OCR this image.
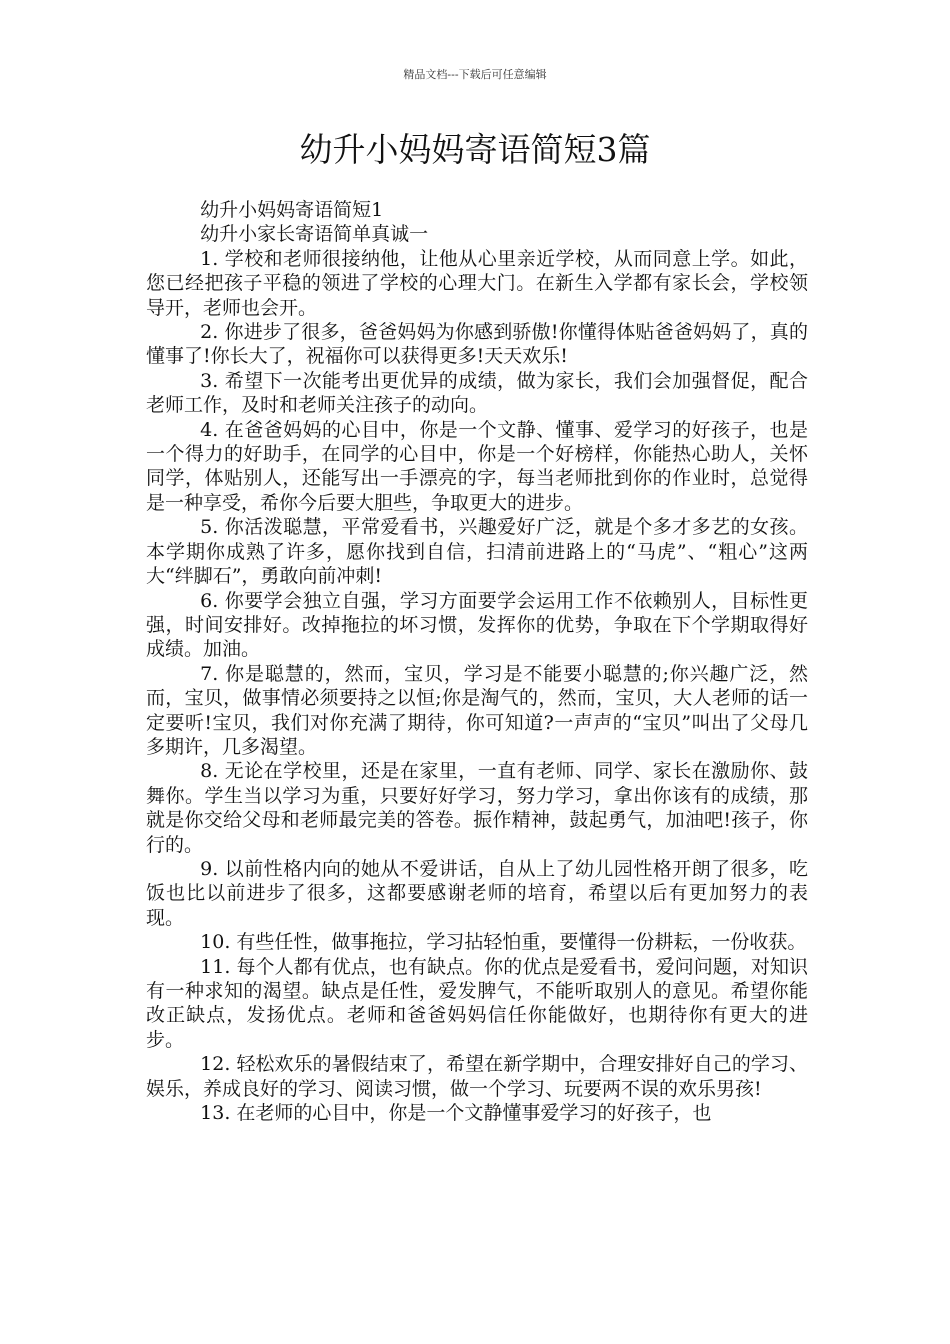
精品文档---下载后可任意编辑
幼升小妈妈寄语简短3篇

幼升小妈妈寄语简短1

幼升小家长寄语简单真诚一

1. 学校和老师很接纳他，让他从心里亲近学校，从而同意上学。如此，您已经把孩子平稳的领进了学校的心理大门。在新生入学都有家长会，学校领导开，老师也会开。

2. 你进步了很多，爸爸妈妈为你感到骄傲!你懂得体贴爸爸妈妈了，真的懂事了!你长大了，祝福你可以获得更多!天天欢乐!

3. 希望下一次能考出更优异的成绩，做为家长，我们会加强督促，配合老师工作，及时和老师关注孩子的动向。

4. 在爸爸妈妈的心目中，你是一个文静、懂事、爱学习的好孩子，也是一个得力的好助手，在同学的心目中，你是一个好榜样，你能热心助人，关怀同学，体贴别人，还能写出一手漂亮的字，每当老师批到你的作业时，总觉得是一种享受，希你今后要大胆些，争取更大的进步。

5. 你活泼聪慧，平常爱看书，兴趣爱好广泛，就是个多才多艺的女孩。本学期你成熟了许多，愿你找到自信，扫清前进路上的“马虎”、“粗心”这两大“绊脚石”，勇敢向前冲刺!

6. 你要学会独立自强，学习方面要学会运用工作不依赖别人，目标性更强，时间安排好。改掉拖拉的坏习惯，发挥你的优势，争取在下个学期取得好成绩。加油。

7. 你是聪慧的，然而，宝贝，学习是不能要小聪慧的;你兴趣广泛，然而，宝贝，做事情必须要持之以恒;你是淘气的，然而，宝贝，大人老师的话一定要听!宝贝，我们对你充满了期待，你可知道?一声声的“宝贝”叫出了父母几多期许，几多渴望。

8. 无论在学校里，还是在家里，一直有老师、同学、家长在激励你、鼓舞你。学生当以学习为重，只要好好学习，努力学习，拿出你该有的成绩，那就是你交给父母和老师最完美的答卷。振作精神，鼓起勇气，加油吧!孩子，你行的。

9. 以前性格内向的她从不爱讲话，自从上了幼儿园性格开朗了很多，吃饭也比以前进步了很多，这都要感谢老师的培育，希望以后有更加努力的表现。

10. 有些任性，做事拖拉，学习拈轻怕重，要懂得一份耕耘，一份收获。

11. 每个人都有优点，也有缺点。你的优点是爱看书，爱问问题，对知识有一种求知的渴望。缺点是任性，爱发脾气，不能听取别人的意见。希望你能改正缺点，发扬优点。老师和爸爸妈妈信任你能做好，也期待你有更大的进步。

12. 轻松欢乐的暑假结束了，希望在新学期中，合理安排好自己的学习、娱乐，养成良好的学习、阅读习惯，做一个学习、玩要两不误的欢乐男孩!

13. 在老师的心目中，你是一个文静懂事爱学习的好孩子，也
